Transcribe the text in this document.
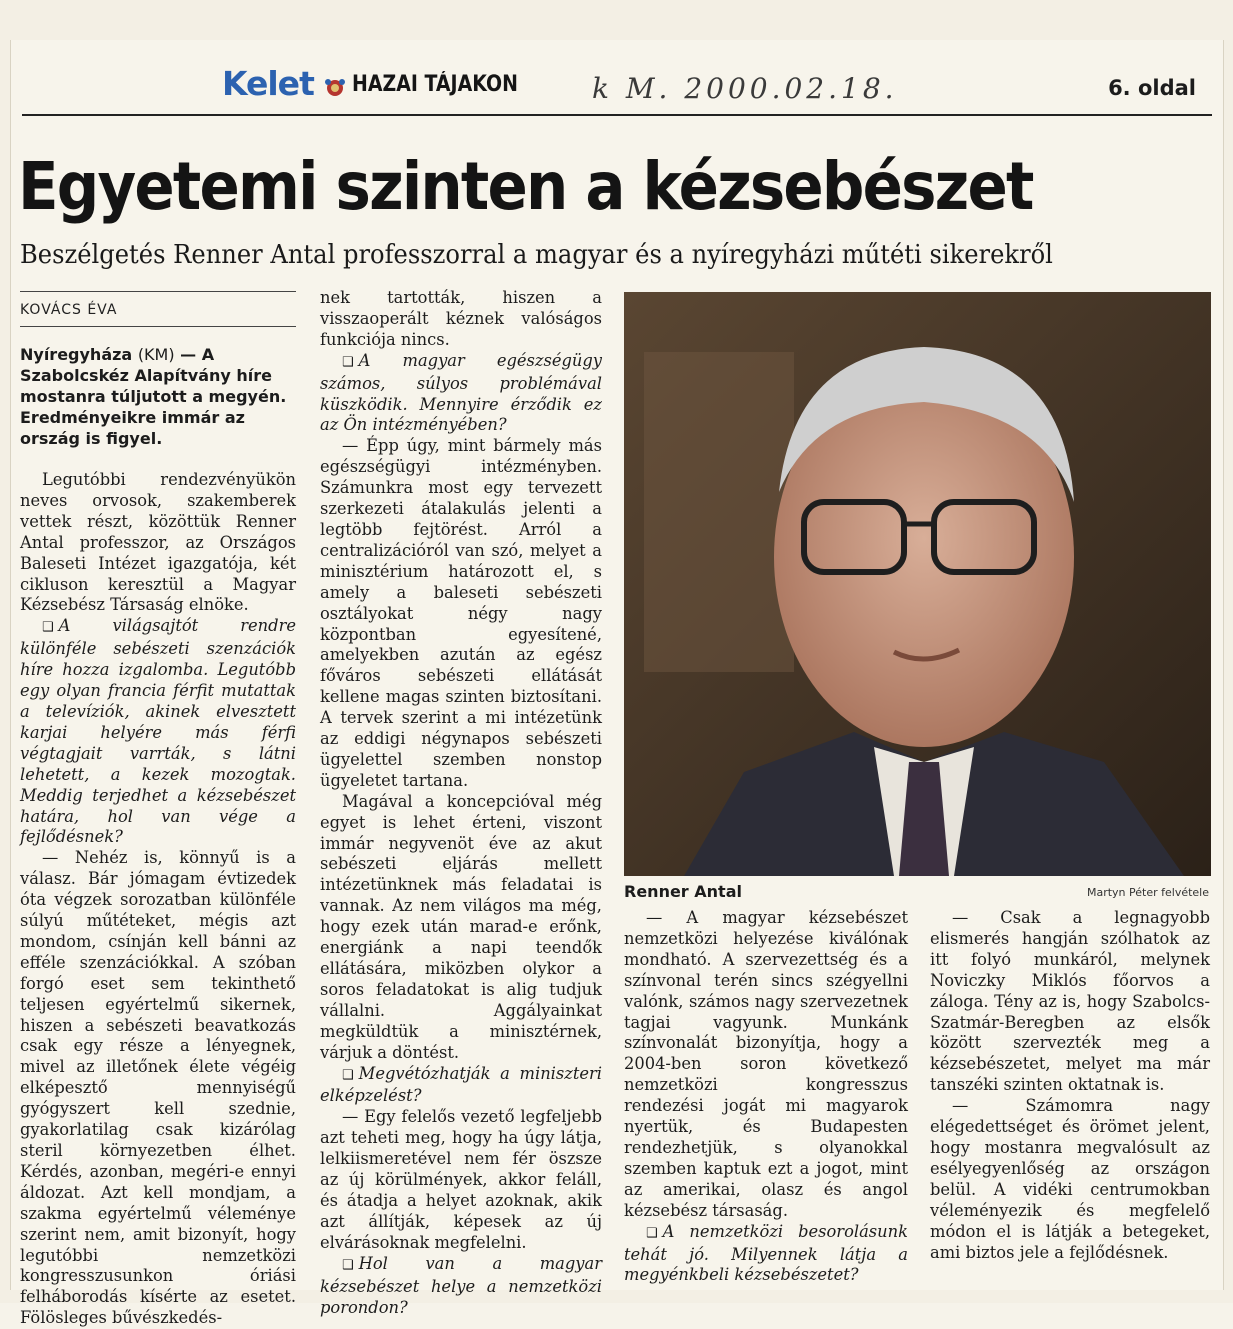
Kelet HAZAI TÁJAKON	k M. 2000.02.18.	6. oldal
Egyetemi szinten a kézsebészet
Beszélgetés Renner Antal professzorral a magyar és a nyíregyházi műtéti sikerekről
KOVÁCS ÉVA
Nyíregyháza (KM) — A Szabolcskéz Alapítvány híre mostanra túljutott a megyén. Eredményeikre immár az ország is figyel.

Legutóbbi rendezvényükön neves orvosok, szakemberek vettek részt, közöttük Renner Antal professzor, az Országos Baleseti Intézet igazgatója, két cikluson keresztül a Magyar Kézsebész Társaság elnöke.

❑ A világsajtót rendre különféle sebészeti szenzációk híre hozza izgalomba. Legutóbb egy olyan francia férfit mutattak a televíziók, akinek elvesztett karjai helyére más férfi végtagjait varrták, s látni lehetett, a kezek mozogtak. Meddig terjedhet a kézsebészet határa, hol van vége a fejlődésnek?

— Nehéz is, könnyű is a válasz. Bár jómagam évtizedek óta végzek sorozatban különféle súlyú műtéteket, mégis azt mondom, csínján kell bánni az efféle szenzációkkal. A szóban forgó eset sem tekinthető teljesen egyértelmű sikernek, hiszen a sebészeti beavatkozás csak egy része a lényegnek, mivel az illetőnek élete végéig elképesztő mennyiségű gyógyszert kell szednie, gyakorlatilag csak kizárólag steril környezetben élhet. Kérdés, azonban, megéri-e ennyi áldozat. Azt kell mondjam, a szakma egyértelmű véleménye szerint nem, amit bizonyít, hogy legutóbbi nemzetközi kongresszusunkon óriási felháborodás kísérte az esetet. Fölösleges bűvészkedés-

nek tartották, hiszen a visszaoperált kéznek valóságos funkciója nincs.

❑ A magyar egészségügy számos, súlyos problémával küszködik. Mennyire érződik ez az Ön intézményében?

— Épp úgy, mint bármely más egészségügyi intézményben. Számunkra most egy tervezett szerkezeti átalakulás jelenti a legtöbb fejtörést. Arról a centralizációról van szó, melyet a minisztérium határozott el, s amely a baleseti sebészeti osztályokat négy nagy központban egyesítené, amelyekben azután az egész főváros sebészeti ellátását kellene magas szinten biztosítani. A tervek szerint a mi intézetünk az eddigi négynapos sebészeti ügyelettel szemben nonstop ügyeletet tartana.

Magával a koncepcióval még egyet is lehet érteni, viszont immár negyvenöt éve az akut sebészeti eljárás mellett intézetünknek más feladatai is vannak. Az nem világos ma még, hogy ezek után marad-e erőnk, energiánk a napi teendők ellátására, miközben olykor a soros feladatokat is alig tudjuk vállalni. Aggályainkat megküldtük a minisztérnek, várjuk a döntést.

❑ Megvétózhatják a miniszteri elképzelést?

— Egy felelős vezető legfeljebb azt teheti meg, hogy ha úgy látja, lelkiismeretével nem fér öszsze az új körülmények, akkor feláll, és átadja a helyet azoknak, akik azt állítják, képesek az új elvárásoknak megfelelni.

❑ Hol van a magyar kézsebészet helye a nemzetközi porondon?

— A magyar kézsebészet nemzetközi helyezése kiválónak mondható. A szervezettség és a színvonal terén sincs szégyellni valónk, számos nagy szervezetnek tagjai vagyunk. Munkánk színvonalát bizonyítja, hogy a 2004-ben soron következő nemzetközi kongresszus rendezési jogát mi magyarok nyertük, és Budapesten rendezhetjük, s olyanokkal szemben kaptuk ezt a jogot, mint az amerikai, olasz és angol kézsebész társaság.

❑ A nemzetközi besorolásunk tehát jó. Milyennek látja a megyénkbeli kézsebészetet?

— Csak a legnagyobb elismerés hangján szólhatok az itt folyó munkáról, melynek Noviczky Miklós főorvos a záloga. Tény az is, hogy Szabolcs-Szatmár-Beregben az elsők között szervezték meg a kézsebészetet, melyet ma már tanszéki szinten oktatnak is.

— Számomra nagy elégedettséget és örömet jelent, hogy mostanra megvalósult az esélyegyenlőség az országon belül. A vidéki centrumokban véleményezik és megfelelő módon el is látják a betegeket, ami biztos jele a fejlődésnek.

Renner Antal	Martyn Péter felvétele
